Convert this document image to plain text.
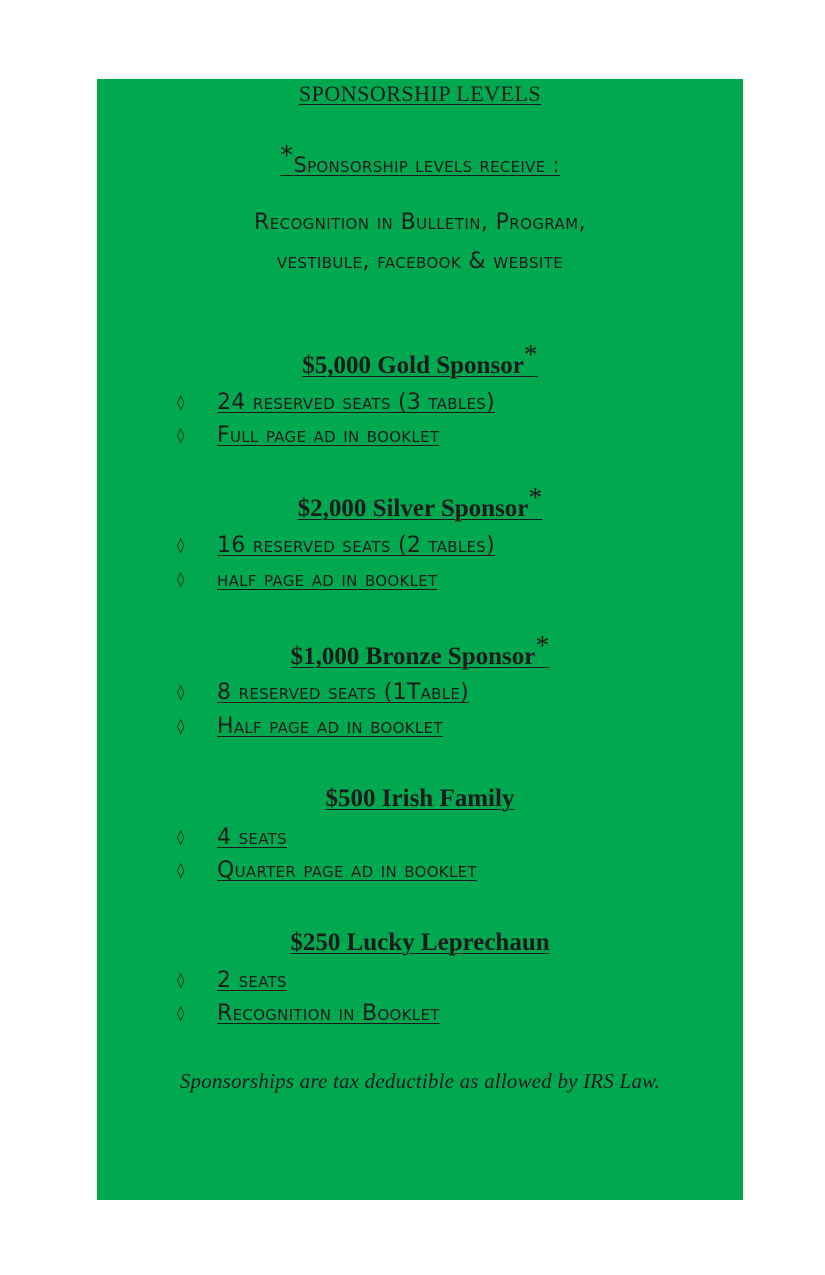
SPONSORSHIP LEVELS

*Sponsorship levels receive :

Recognition in Bulletin, Program,

vestibule, facebook & website

$5,000 Gold Sponsor*

◊ 24 reserved seats (3 tables)
◊ Full page ad in booklet

$2,000 Silver Sponsor*

◊ 16 reserved seats (2 tables)
◊ half page ad in booklet

$1,000 Bronze Sponsor*

◊ 8 reserved seats (1Table)
◊ Half page ad in booklet

$500 Irish Family

◊ 4 seats
◊ Quarter page ad in booklet

$250 Lucky Leprechaun

◊ 2 seats
◊ Recognition in Booklet

Sponsorships are tax deductible as allowed by IRS Law.
